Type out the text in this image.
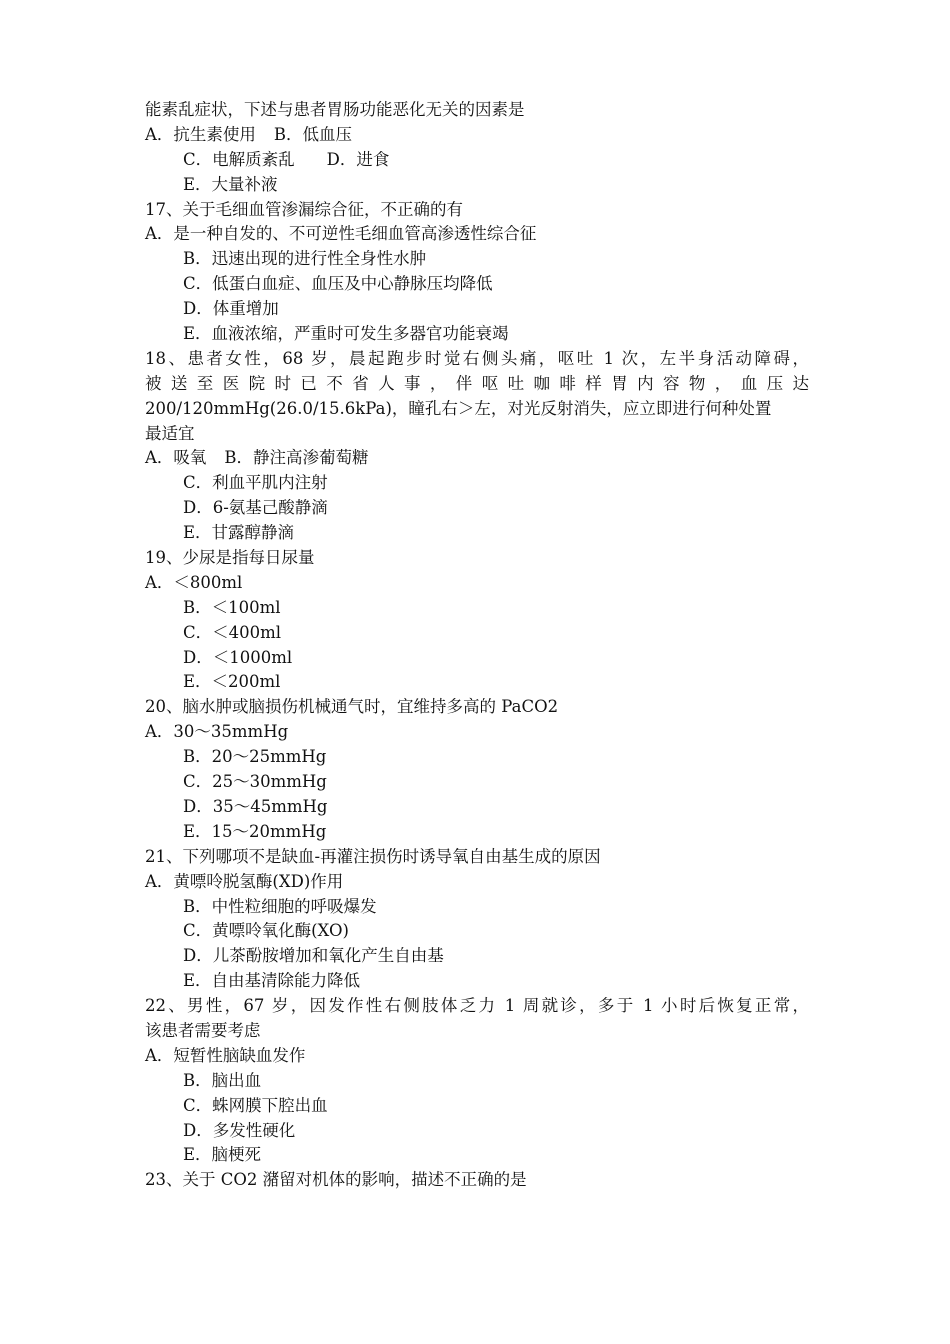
能素乱症状，下述与患者胃肠功能恶化无关的因素是
A．抗生素使用 B．低血压
C．电解质紊乱 D．进食
E．大量补液
17、关于毛细血管渗漏综合征，不正确的有
A．是一种自发的、不可逆性毛细血管高渗透性综合征
B．迅速出现的进行性全身性水肿
C．低蛋白血症、血压及中心静脉压均降低
D．体重增加
E．血液浓缩，严重时可发生多器官功能衰竭
18、患者女性，68 岁，晨起跑步时觉右侧头痛，呕吐 1 次，左半身活动障碍，
被送至医院时已不省人事，伴呕吐咖啡样胃内容物，血压达
200/120mmHg(26.0/15.6kPa)，瞳孔右＞左，对光反射消失，应立即进行何种处置
最适宜
A．吸氧 B．静注高渗葡萄糖
C．利血平肌内注射
D．6-氨基己酸静滴
E．甘露醇静滴
19、少尿是指每日尿量
A．＜800ml
B．＜100ml
C．＜400ml
D．＜1000ml
E．＜200ml
20、脑水肿或脑损伤机械通气时，宜维持多高的 PaCO2
A．30～35mmHg
B．20～25mmHg
C．25～30mmHg
D．35～45mmHg
E．15～20mmHg
21、下列哪项不是缺血-再灌注损伤时诱导氧自由基生成的原因
A．黄嘌呤脱氢酶(XD)作用
B．中性粒细胞的呼吸爆发
C．黄嘌呤氧化酶(XO)
D．儿茶酚胺增加和氧化产生自由基
E．自由基清除能力降低
22、男性，67 岁，因发作性右侧肢体乏力 1 周就诊，多于 1 小时后恢复正常，
该患者需要考虑
A．短暂性脑缺血发作
B．脑出血
C．蛛网膜下腔出血
D．多发性硬化
E．脑梗死
23、关于 CO2 潴留对机体的影响，描述不正确的是
